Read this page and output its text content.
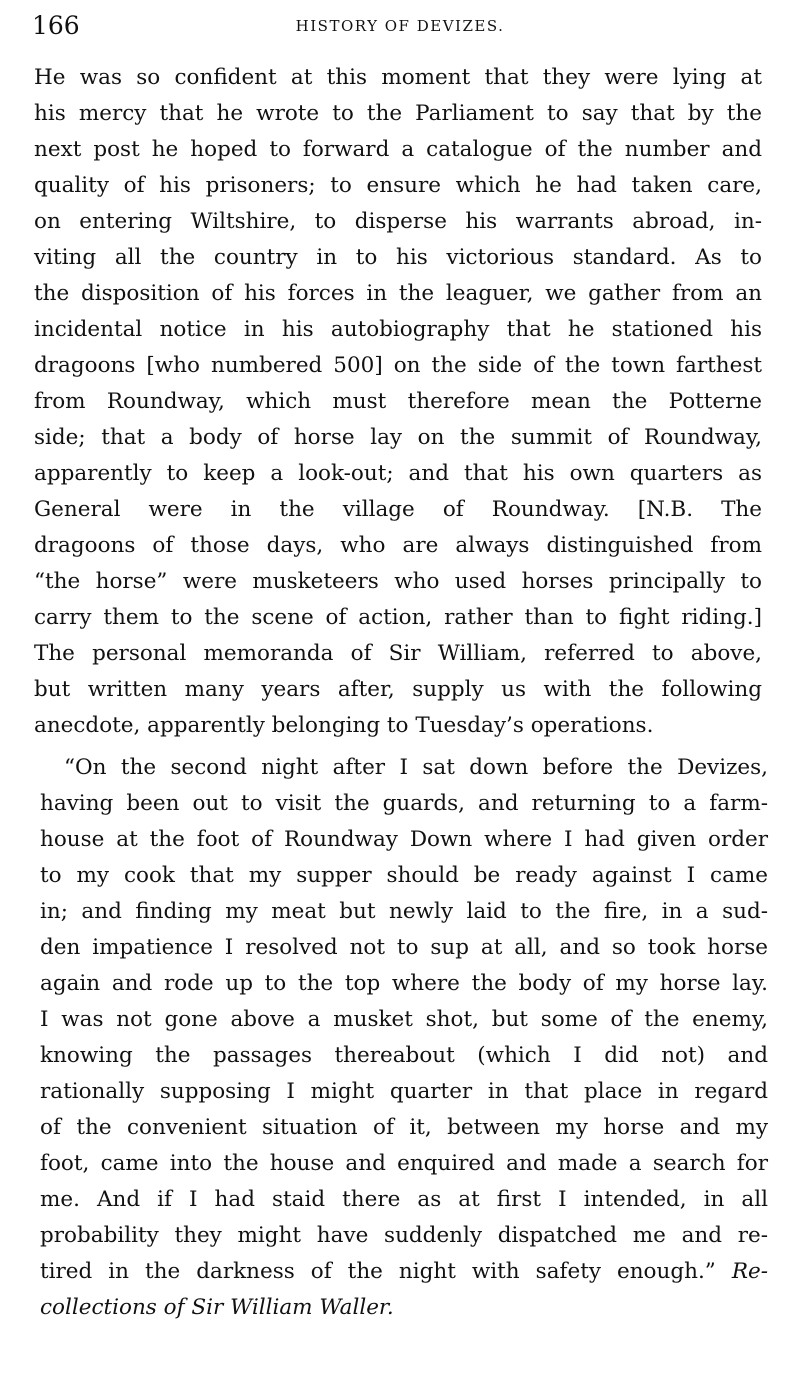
166	HISTORY OF DEVIZES.
He was so confident at this moment that they were lying at
his mercy that he wrote to the Parliament to say that by the
next post he hoped to forward a catalogue of the number and
quality of his prisoners; to ensure which he had taken care,
on entering Wiltshire, to disperse his warrants abroad, in-
viting all the country in to his victorious standard. As to
the disposition of his forces in the leaguer, we gather from an
incidental notice in his autobiography that he stationed his
dragoons [who numbered 500] on the side of the town farthest
from Roundway, which must therefore mean the Potterne
side; that a body of horse lay on the summit of Roundway,
apparently to keep a look-out; and that his own quarters as
General were in the village of Roundway. [N.B. The
dragoons of those days, who are always distinguished from
“the horse” were musketeers who used horses principally to
carry them to the scene of action, rather than to fight riding.]
The personal memoranda of Sir William, referred to above,
but written many years after, supply us with the following
anecdote, apparently belonging to Tuesday’s operations.
“On the second night after I sat down before the Devizes,
having been out to visit the guards, and returning to a farm-
house at the foot of Roundway Down where I had given order
to my cook that my supper should be ready against I came
in; and finding my meat but newly laid to the fire, in a sud-
den impatience I resolved not to sup at all, and so took horse
again and rode up to the top where the body of my horse lay.
I was not gone above a musket shot, but some of the enemy,
knowing the passages thereabout (which I did not) and
rationally supposing I might quarter in that place in regard
of the convenient situation of it, between my horse and my
foot, came into the house and enquired and made a search for
me. And if I had staid there as at first I intended, in all
probability they might have suddenly dispatched me and re-
tired in the darkness of the night with safety enough.” Re-
collections of Sir William Waller.
